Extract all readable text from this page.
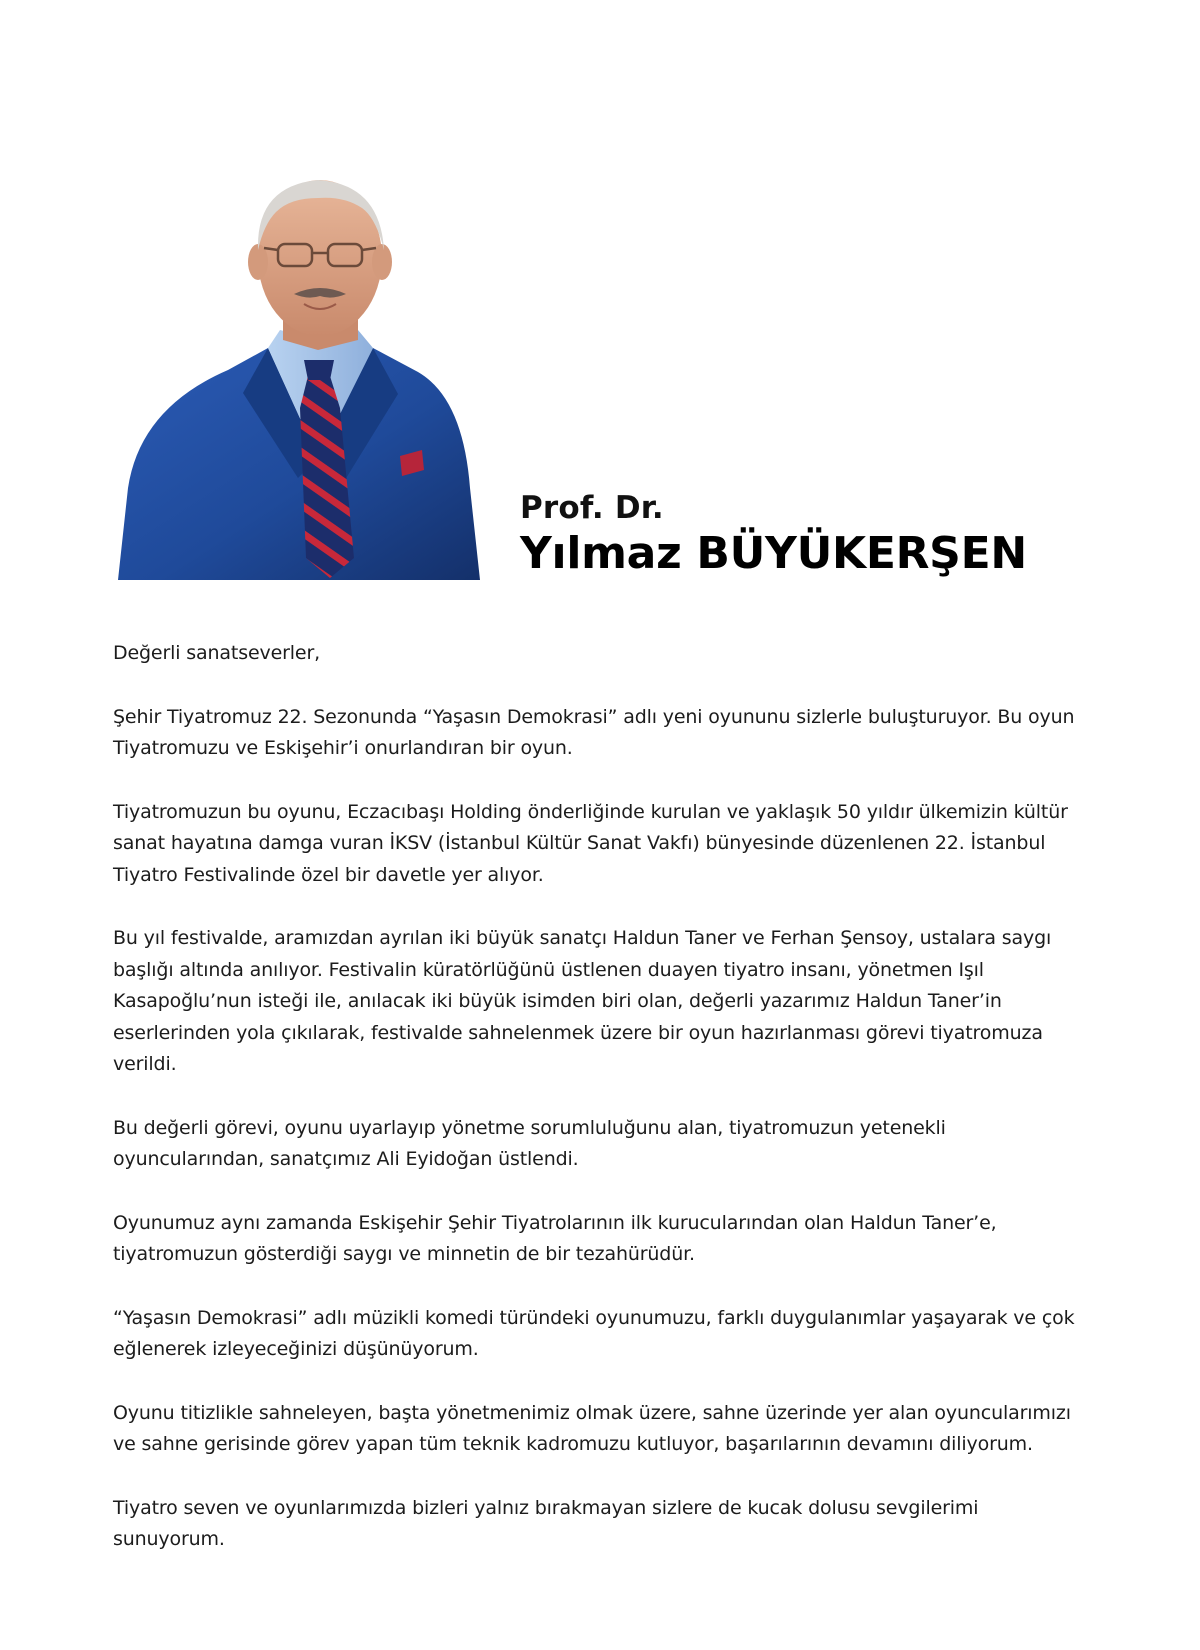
Prof. Dr.
Yılmaz BÜYÜKERŞEN

Değerli sanatseverler,

Şehir Tiyatromuz 22. Sezonunda “Yaşasın Demokrasi” adlı yeni oyununu sizlerle buluşturuyor. Bu oyun Tiyatromuzu ve Eskişehir’i onurlandıran bir oyun.

Tiyatromuzun bu oyunu, Eczacıbaşı Holding önderliğinde kurulan ve yaklaşık 50 yıldır ülkemizin kültür sanat hayatına damga vuran İKSV (İstanbul Kültür Sanat Vakfı) bünyesinde düzenlenen 22. İstanbul Tiyatro Festivalinde özel bir davetle yer alıyor.

Bu yıl festivalde, aramızdan ayrılan iki büyük sanatçı Haldun Taner ve Ferhan Şensoy, ustalara saygı başlığı altında anılıyor. Festivalin küratörlüğünü üstlenen duayen tiyatro insanı, yönetmen Işıl Kasapoğlu’nun isteği ile, anılacak iki büyük isimden biri olan, değerli yazarımız Haldun Taner’in eserlerinden yola çıkılarak, festivalde sahnelenmek üzere bir oyun hazırlanması görevi tiyatromuza verildi.

Bu değerli görevi, oyunu uyarlayıp yönetme sorumluluğunu alan, tiyatromuzun yetenekli oyuncularından, sanatçımız Ali Eyidoğan üstlendi.

Oyunumuz aynı zamanda Eskişehir Şehir Tiyatrolarının ilk kurucularından olan Haldun Taner’e, tiyatromuzun gösterdiği saygı ve minnetin de bir tezahürüdür.

“Yaşasın Demokrasi” adlı müzikli komedi türündeki oyunumuzu, farklı duygulanımlar yaşayarak ve çok eğlenerek izleyeceğinizi düşünüyorum.

Oyunu titizlikle sahneleyen, başta yönetmenimiz olmak üzere, sahne üzerinde yer alan oyuncularımızı ve sahne gerisinde görev yapan tüm teknik kadromuzu kutluyor, başarılarının devamını diliyorum.

Tiyatro seven ve oyunlarımızda bizleri yalnız bırakmayan sizlere de kucak dolusu sevgilerimi sunuyorum.
